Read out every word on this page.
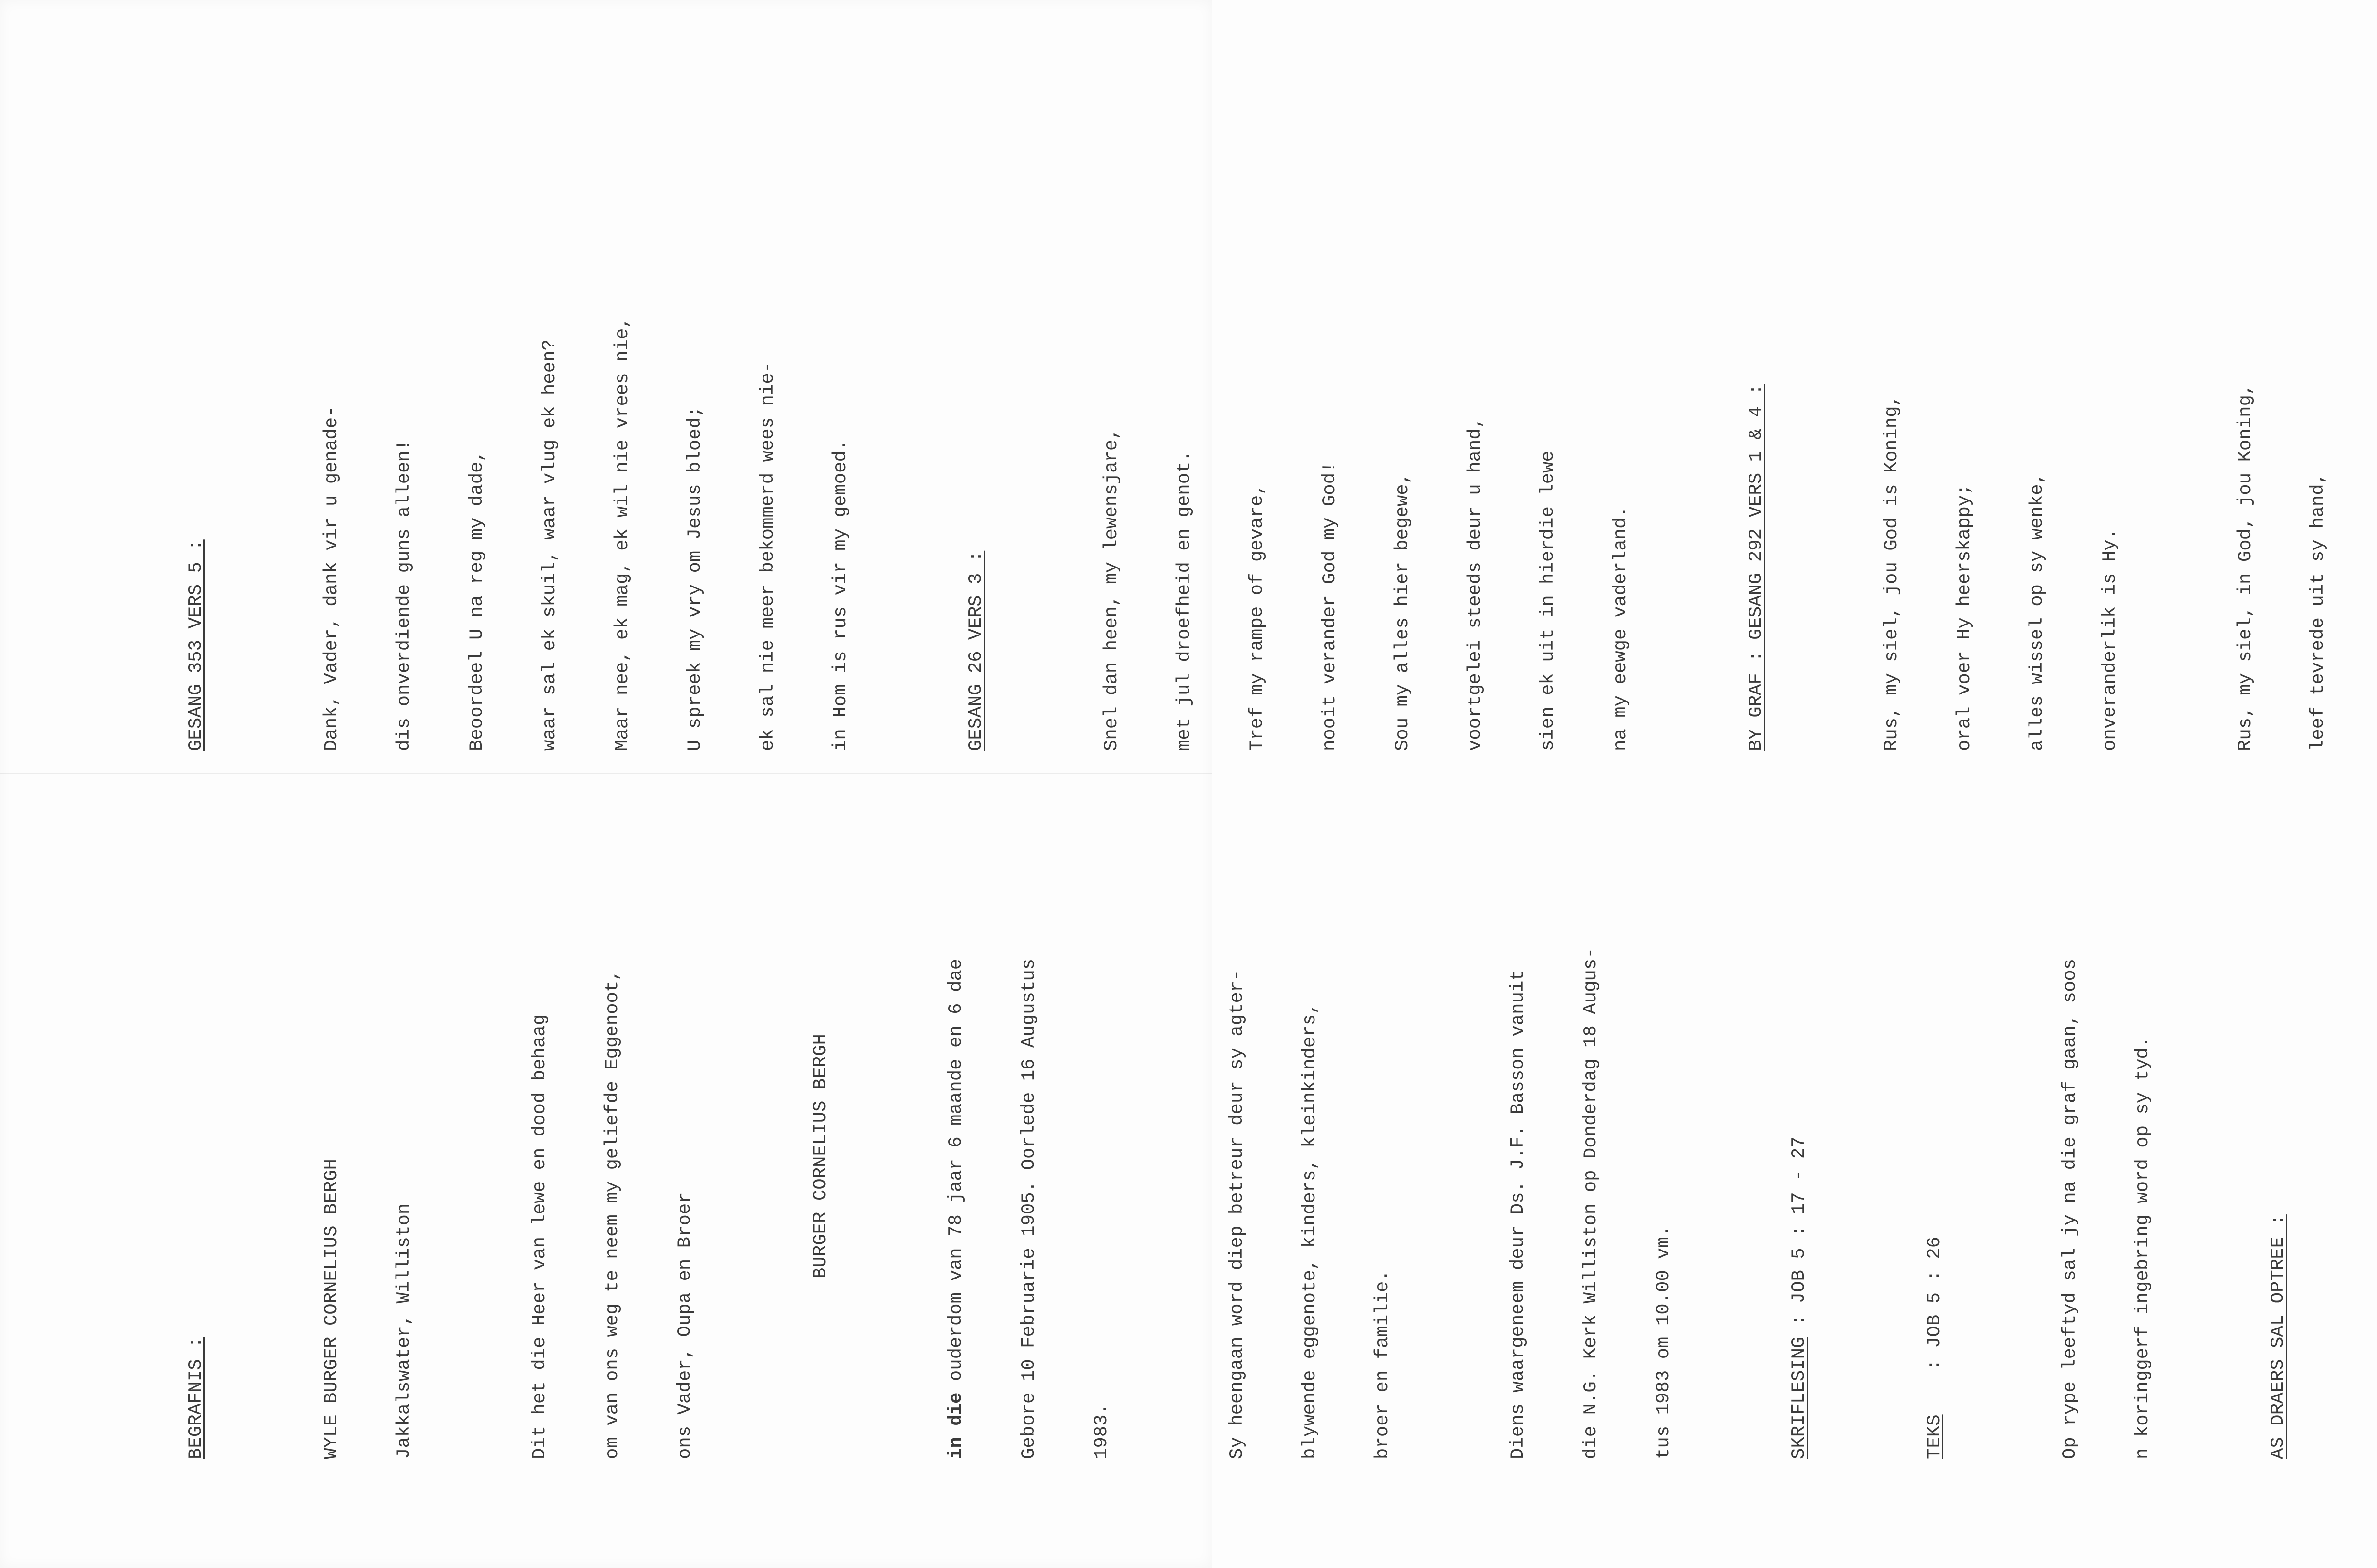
GESANG 353 VERS 5 :

	Dank, Vader, dank vir u genade-

	dis onverdiende guns alleen!

	Beoordeel U na reg my dade,

	waar sal ek skuil, waar vlug ek heen?

	Maar nee, ek mag, ek wil nie vrees nie,

	U spreek my vry om Jesus bloed;

	ek sal nie meer bekommerd wees nie-

	in Hom is rus vir my gemoed.

	GESANG 26 VERS 3 :

	Snel dan heen, my lewensjare,

	met jul droefheid en genot.

	Tref my rampe of gevare,

	nooit verander God my God!

	Sou my alles hier begewe,

	voortgelei steeds deur u hand,

	sien ek uit in hierdie lewe

	na my eewge vaderland.

	BY GRAF : GESANG 292 VERS 1 & 4 :

	Rus, my siel, jou God is Koning,

	oral voer Hy heerskappy;

	alles wissel op sy wenke,

	onveranderlik is Hy.

	Rus, my siel, in God, jou Koning,

	leef tevrede uit sy hand,

BEGRAFNIS :

	WYLE BURGER CORNELIUS BERGH

	Jakkalswater, Williston

	Dit het die Heer van lewe en dood behaag

	om van ons weg te neem my geliefde Eggenoot,

	ons Vader, Oupa en Broer

BURGER CORNELIUS BERGH

in die ouderdom van 78 jaar 6 maande en 6 dae

	Gebore 10 Februarie 1905. Oorlede 16 Augustus

	1983.

	Sy heengaan word diep betreur deur sy agter-

	blywende eggenote, kinders, kleinkinders,

	broer en familie.

	Diens waargeneem deur Ds. J.F. Basson vanuit

	die N.G. Kerk Williston op Donderdag 18 Augus-

	tus 1983 om 10.00 vm.

	SKRIFLESING : JOB 5 : 17 - 27

TEKS    : JOB 5 : 26

	Op rype leeftyd sal jy na die graf gaan, soos

	n koringgerf ingebring word op sy tyd.

	AS DRAERS SAL OPTREE :
